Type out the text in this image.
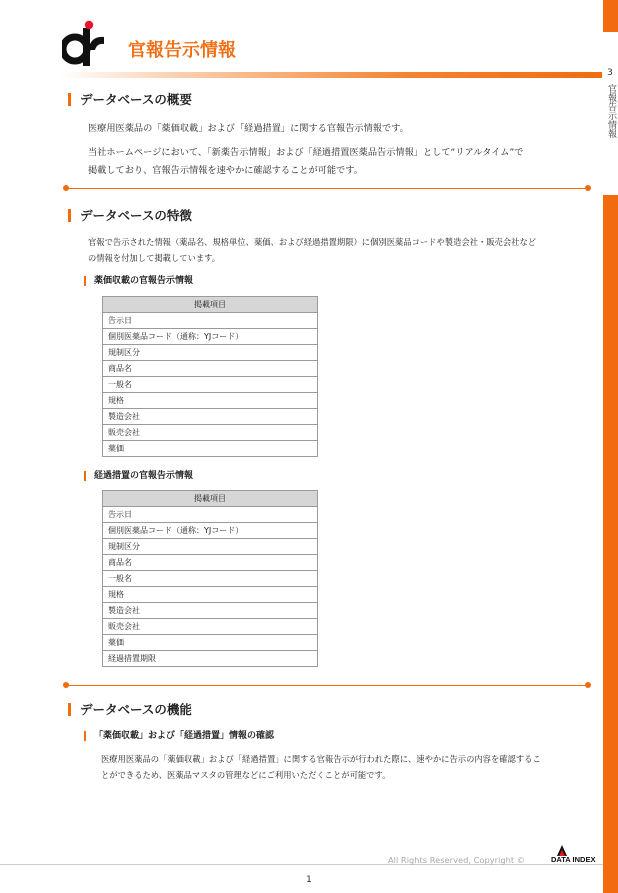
3
官報告示情報
官報告示情報
データベースの概要
医療用医薬品の「薬価収載」および「経過措置」に関する官報告示情報です。
当社ホームページにおいて、「新薬告示情報」および「経過措置医薬品告示情報」として“リアルタイム”で
掲載しており、官報告示情報を速やかに確認することが可能です。
データベースの特徴
官報で告示された情報（薬品名、規格単位、薬価、および経過措置期限）に個別医薬品コードや製造会社・販売会社など
の情報を付加して掲載しています。
薬価収載の官報告示情報
掲載項目
告示日
個別医薬品コード（通称：YJコード）
規制区分
商品名
一般名
規格
製造会社
販売会社
薬価
経過措置の官報告示情報
掲載項目
告示日
個別医薬品コード（通称：YJコード）
規制区分
商品名
一般名
規格
製造会社
販売会社
薬価
経過措置期限
データベースの機能
「薬価収載」および「経過措置」情報の確認
医療用医薬品の「薬価収載」および「経過措置」に関する官報告示が行われた際に、速やかに告示の内容を確認するこ
とができるため、医薬品マスタの管理などにご利用いただくことが可能です。
All Rights Reserved, Copyright ©	DATA INDEX
1
